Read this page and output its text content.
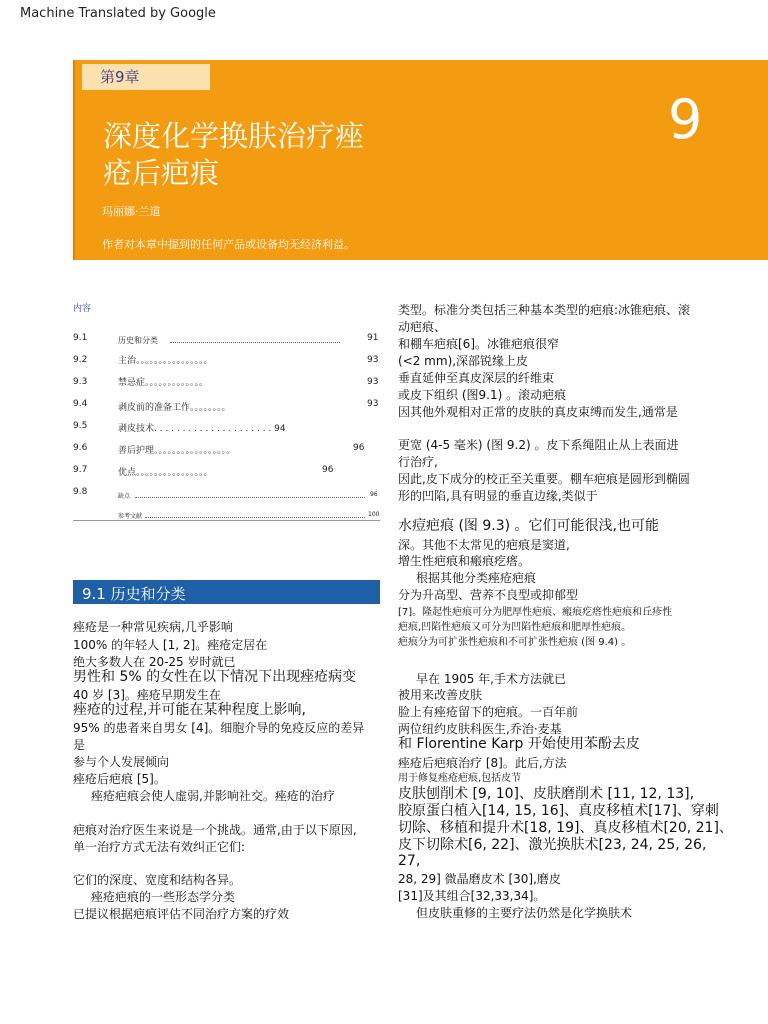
Machine Translated by Google
第9章
深度化学换肤治疗痤
疮后疤痕
9
玛丽娜·兰道
作者对本章中提到的任何产品或设备均无经济利益。
内容
9.1	历史和分类	91
9.2	主治。。。。。。。。。。。。。。。。	93
9.3	禁忌症。。。。。。。。。。。。。	93
9.4	剥皮前的准备工作。。。。。。。。	93
9.5	剥皮技术. . . . . . . . . . . . . . . . . . . . . 94
9.6	善后护理。。。。。。。。。。。。。。。。。	96
9.7	优点。。。。。。。。。。。。。。。。	96
9.8	缺点	96
参考文献	100
9.1 历史和分类
痤疮是一种常见疾病,几乎影响
100% 的年轻人 [1, 2]。痤疮定居在
绝大多数人在 20-25 岁时就已
男性和 5% 的女性在以下情况下出现痤疮病变
40 岁 [3]。痤疮早期发生在
痤疮的过程,并可能在某种程度上影响,
95% 的患者来自男女 [4]。细胞介导的免疫反应的差异
是
参与个人发展倾向
痤疮后疤痕 [5]。
痤疮疤痕会使人虚弱,并影响社交。痤疮的治疗
疤痕对治疗医生来说是一个挑战。通常,由于以下原因,
单一治疗方式无法有效纠正它们:
它们的深度、宽度和结构各异。
痤疮疤痕的一些形态学分类
已提议根据疤痕评估不同治疗方案的疗效
类型。标准分类包括三种基本类型的疤痕:冰锥疤痕、滚
动疤痕、
和棚车疤痕[6]。冰锥疤痕很窄
(<2 mm),深部锐缘上皮
垂直延伸至真皮深层的纤维束
或皮下组织 (图9.1) 。滚动疤痕
因其他外观相对正常的皮肤的真皮束缚而发生,通常是
更宽 (4-5 毫米) (图 9.2) 。皮下系绳阻止从上表面进
行治疗,
因此,皮下成分的校正至关重要。棚车疤痕是圆形到椭圆
形的凹陷,具有明显的垂直边缘,类似于
水痘疤痕 (图 9.3) 。它们可能很浅,也可能
深。其他不太常见的疤痕是窦道,
增生性疤痕和瘢痕疙瘩。
根据其他分类痤疮疤痕
分为升高型、营养不良型或抑郁型
[7]。隆起性疤痕可分为肥厚性疤痕、瘢痕疙瘩性疤痕和丘疹性
疤痕,凹陷性疤痕又可分为凹陷性疤痕和肥厚性疤痕。
疤痕分为可扩张性疤痕和不可扩张性疤痕 (图 9.4) 。
早在 1905 年,手术方法就已
被用来改善皮肤
脸上有痤疮留下的疤痕。一百年前
两位纽约皮肤科医生,乔治·麦基
和 Florentine Karp 开始使用苯酚去皮
痤疮后疤痕治疗 [8]。此后,方法
用于修复痤疮疤痕,包括皮节
皮肤刨削术 [9, 10]、皮肤磨削术 [11, 12, 13],
胶原蛋白植入[14, 15, 16]、真皮移植术[17]、穿刺
切除、移植和提升术[18, 19]、真皮移植术[20, 21]、
皮下切除术[6, 22]、激光换肤术[23, 24, 25, 26,
27,
28, 29] 微晶磨皮术 [30],磨皮
[31]及其组合[32,33,34]。
但皮肤重修的主要疗法仍然是化学换肤术
